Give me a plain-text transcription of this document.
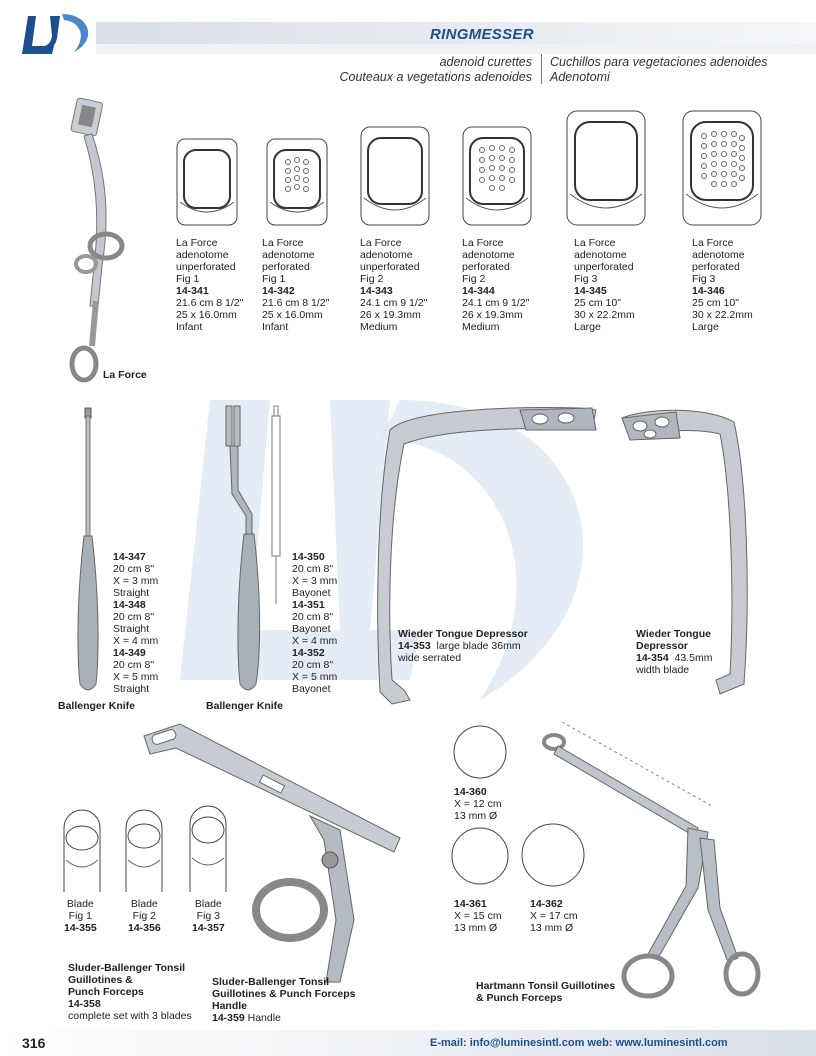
RINGMESSER
adenoid curettes
Couteaux a vegetations adenoides
Cuchillos para vegetaciones adenoides
Adenotomi
La Force
La Force
adenotome
unperforated
Fig 1
14-341
21.6 cm 8 1/2"
25 x 16.0mm
Infant
La Force
adenotome
perforated
Fig 1
14-342
21.6 cm 8 1/2"
25 x 16.0mm
Infant
La Force
adenotome
unperforated
Fig 2
14-343
24.1 cm 9 1/2"
26 x 19.3mm
Medium
La Force
adenotome
perforated
Fig 2
14-344
24.1 cm 9 1/2"
26 x 19.3mm
Medium
La Force
adenotome
unperforated
Fig 3
14-345
25 cm 10"
30 x 22.2mm
Large
La Force
adenotome
perforated
Fig 3
14-346
25 cm 10"
30 x 22.2mm
Large
14-347
20 cm 8"
X = 3 mm
Straight
14-348
20 cm 8"
Straight
X = 4 mm
14-349
20 cm 8"
X = 5 mm
Straight
Ballenger Knife
14-350
20 cm 8"
X = 3 mm
Bayonet
14-351
20 cm 8"
Bayonet
X = 4 mm
14-352
20 cm 8"
X = 5 mm
Bayonet
Ballenger Knife
Wieder Tongue Depressor
14-353 large blade 36mm
wide serrated
Wieder Tongue
Depressor
14-354 43.5mm
width blade
Blade
Fig 1
14-355
Blade
Fig 2
14-356
Blade
Fig 3
14-357
Sluder-Ballenger Tonsil
Guillotines &
Punch Forceps
14-358
complete set with 3 blades
Sluder-Ballenger Tonsil
Guillotines & Punch Forceps
Handle
14-359 Handle
14-360
X = 12 cm
13 mm Ø
14-361
X = 15 cm
13 mm Ø
14-362
X = 17 cm
13 mm Ø
Hartmann Tonsil Guillotines
& Punch Forceps
316	E-mail: info@luminesintl.com web: www.luminesintl.com
